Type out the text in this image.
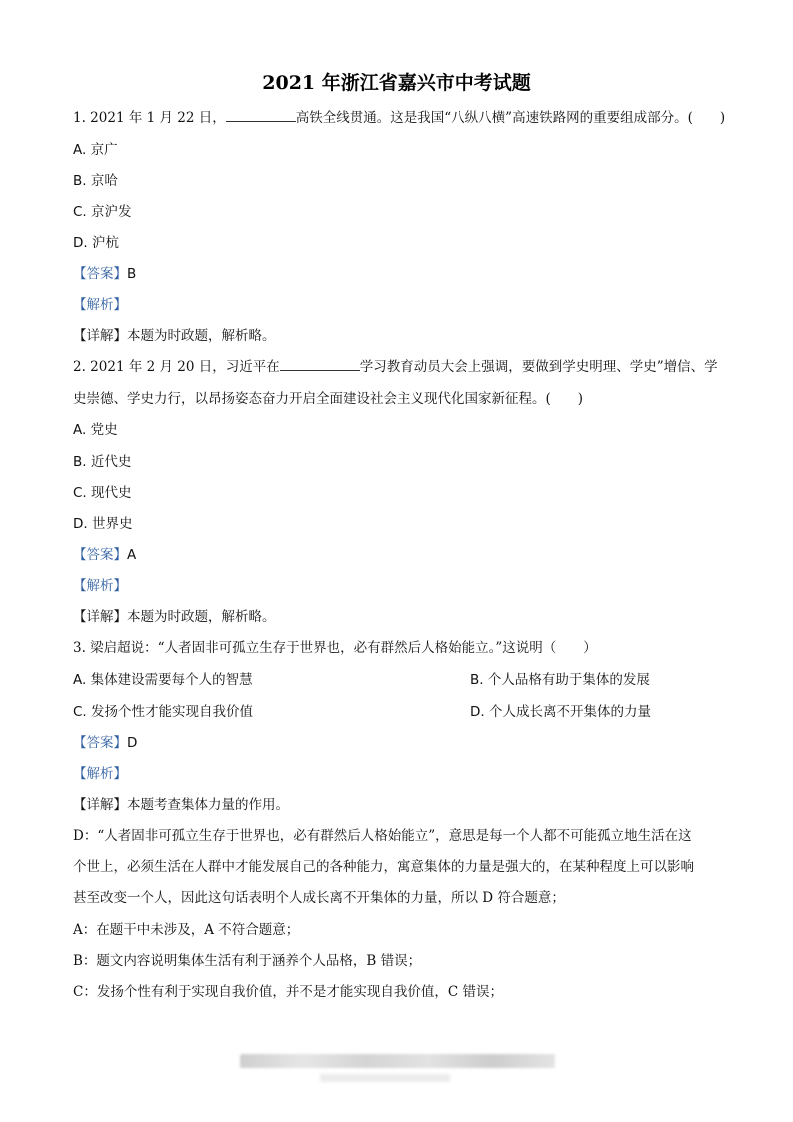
2021 年浙江省嘉兴市中考试题
1. 2021 年 1 月 22 日，	高铁全线贯通。这是我国“八纵八横”高速铁路网的重要组成部分。(　　)
A. 京广
B. 京哈
C. 京沪发
D. 沪杭
【答案】B
【解析】
【详解】本题为时政题，解析略。
2. 2021 年 2 月 20 日，习近平在	学习教育动员大会上强调，要做到学史明理、学史”增信、学
史崇德、学史力行，以昂扬姿态奋力开启全面建设社会主义现代化国家新征程。(　　)
A. 党史
B. 近代史
C. 现代史
D. 世界史
【答案】A
【解析】
【详解】本题为时政题，解析略。
3. 梁启超说：“人者固非可孤立生存于世界也，必有群然后人格始能立。”这说明（　　）
A. 集体建设需要每个人的智慧	B. 个人品格有助于集体的发展
C. 发扬个性才能实现自我价值	D. 个人成长离不开集体的力量
【答案】D
【解析】
【详解】本题考查集体力量的作用。
D：“人者固非可孤立生存于世界也，必有群然后人格始能立”，意思是每一个人都不可能孤立地生活在这
个世上，必须生活在人群中才能发展自己的各种能力，寓意集体的力量是强大的，在某种程度上可以影响
甚至改变一个人，因此这句话表明个人成长离不开集体的力量，所以 D 符合题意；
A：在题干中未涉及，A 不符合题意；
B：题文内容说明集体生活有利于涵养个人品格，B 错误；
C：发扬个性有利于实现自我价值，并不是才能实现自我价值，C 错误；
